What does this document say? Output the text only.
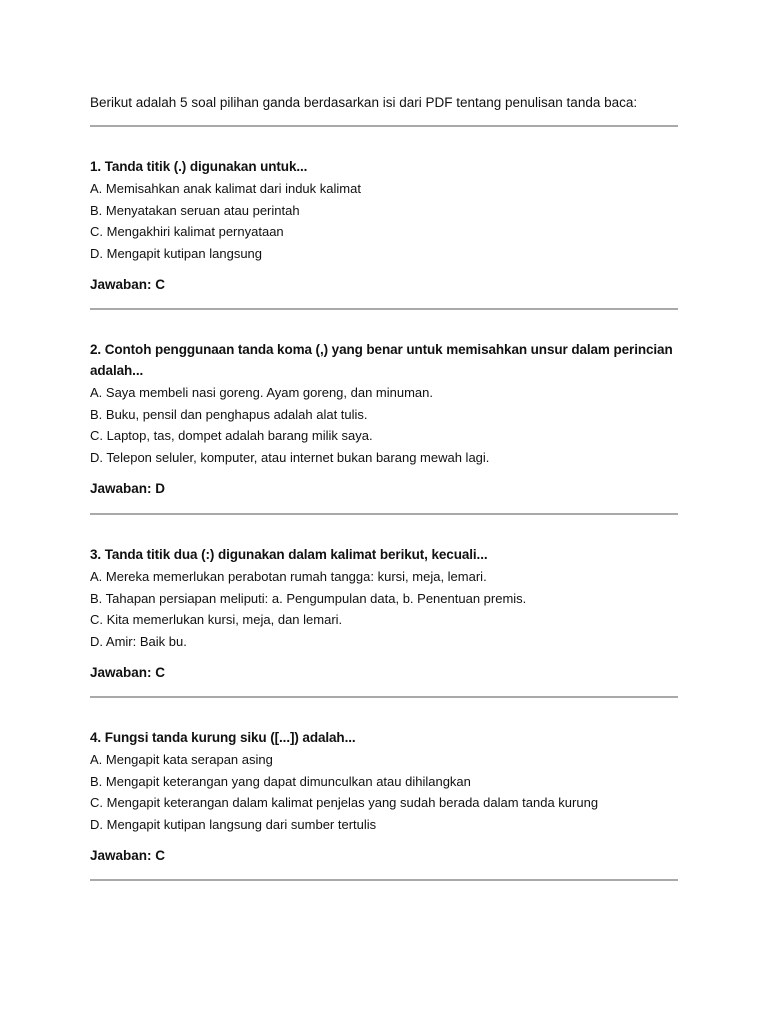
Berikut adalah 5 soal pilihan ganda berdasarkan isi dari PDF tentang penulisan tanda baca:
1. Tanda titik (.) digunakan untuk...
A. Memisahkan anak kalimat dari induk kalimat
B. Menyatakan seruan atau perintah
C. Mengakhiri kalimat pernyataan
D. Mengapit kutipan langsung
Jawaban: C
2. Contoh penggunaan tanda koma (,) yang benar untuk memisahkan unsur dalam perincian adalah...
A. Saya membeli nasi goreng. Ayam goreng, dan minuman.
B. Buku, pensil dan penghapus adalah alat tulis.
C. Laptop, tas, dompet adalah barang milik saya.
D. Telepon seluler, komputer, atau internet bukan barang mewah lagi.
Jawaban: D
3. Tanda titik dua (:) digunakan dalam kalimat berikut, kecuali...
A. Mereka memerlukan perabotan rumah tangga: kursi, meja, lemari.
B. Tahapan persiapan meliputi: a. Pengumpulan data, b. Penentuan premis.
C. Kita memerlukan kursi, meja, dan lemari.
D. Amir: Baik bu.
Jawaban: C
4. Fungsi tanda kurung siku ([...]) adalah...
A. Mengapit kata serapan asing
B. Mengapit keterangan yang dapat dimunculkan atau dihilangkan
C. Mengapit keterangan dalam kalimat penjelas yang sudah berada dalam tanda kurung
D. Mengapit kutipan langsung dari sumber tertulis
Jawaban: C
